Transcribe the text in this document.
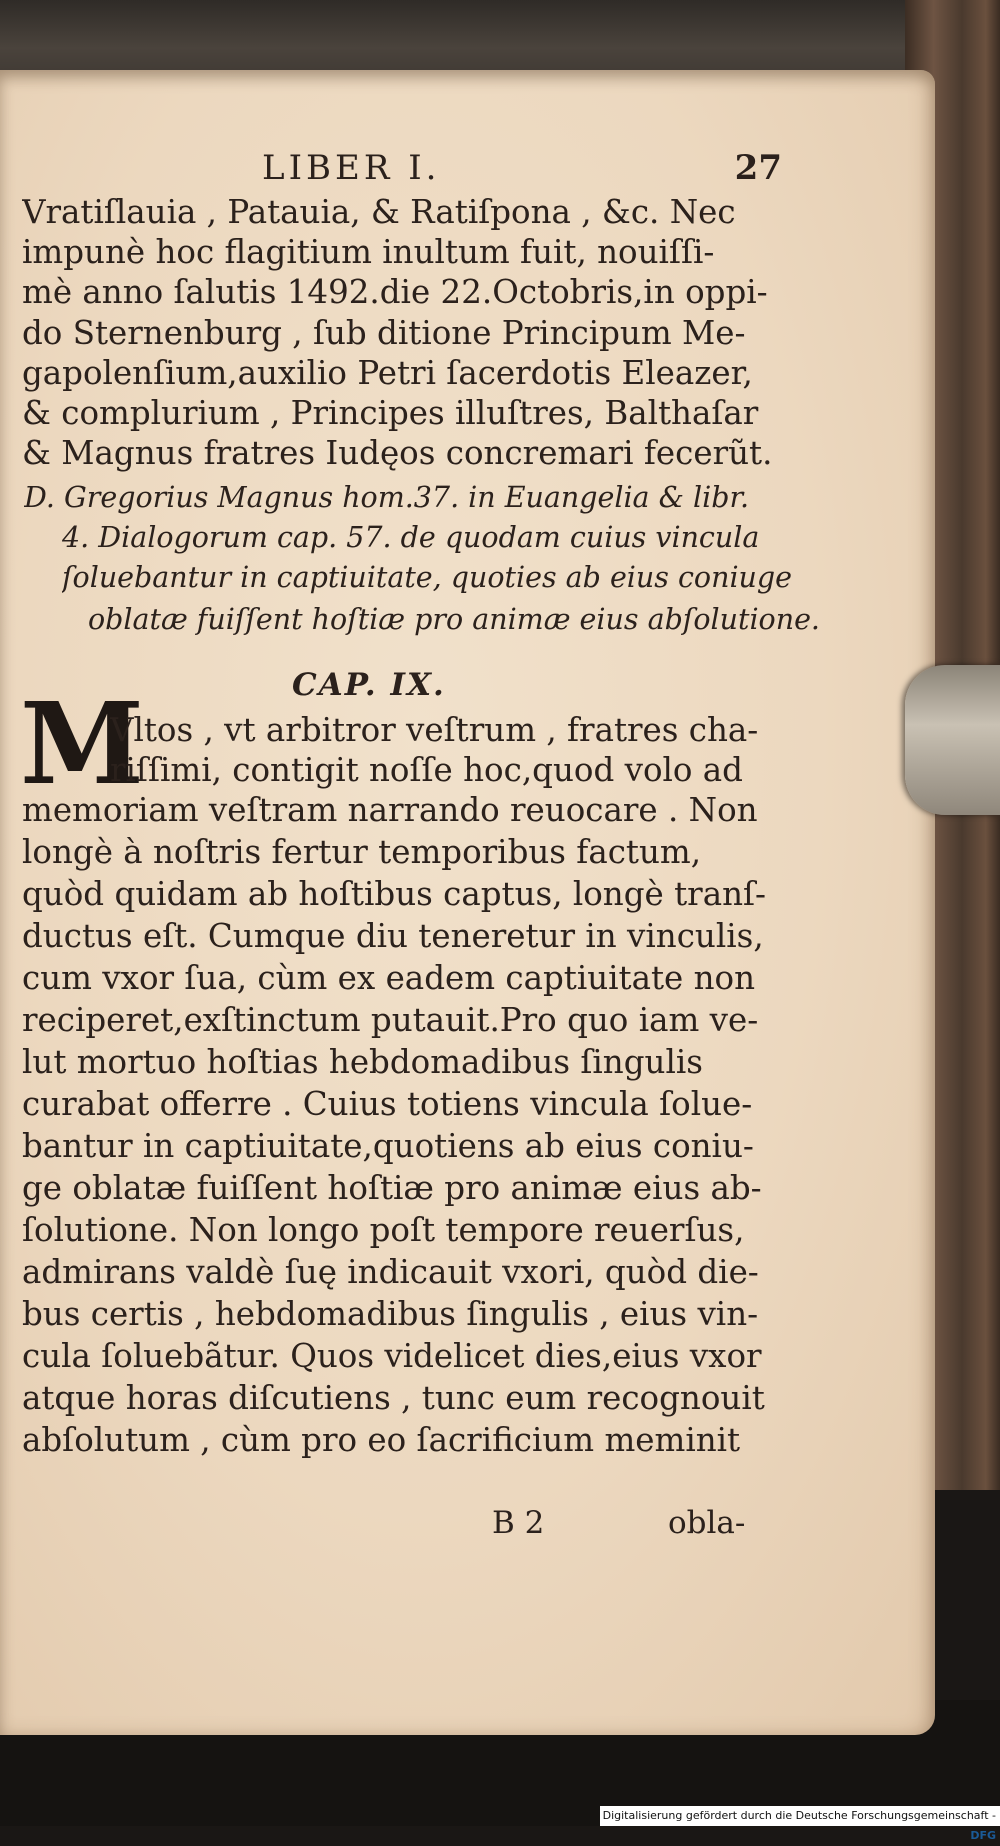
LIBER I.	27
Vratiſlauia , Patauia, & Ratiſpona , &c. Nec
impunè hoc flagitium inultum fuit, nouiſſi-
mè anno ſalutis 1492.die 22.Octobris,in oppi-
do Sternenburg , ſub ditione Principum Me-
gapolenſium,auxilio Petri ſacerdotis Eleazer,
& complurium , Principes illuſtres, Balthaſar
& Magnus fratres Iudęos concremari fecerũt.
D. Gregorius Magnus hom.37. in Euangelia & libr.
4. Dialogorum cap. 57. de quodam cuius vincula
ſoluebantur in captiuitate, quoties ab eius coniuge
oblatæ fuiſſent hoſtiæ pro animæ eius abſolutione.
CAP. IX.
M
Vltos , vt arbitror veſtrum , fratres cha-
riſſimi, contigit noſſe hoc,quod volo ad
memoriam veſtram narrando reuocare . Non
longè à noſtris fertur temporibus factum,
quòd quidam ab hoſtibus captus, longè tranſ-
ductus eſt. Cumque diu teneretur in vinculis,
cum vxor ſua, cùm ex eadem captiuitate non
reciperet,exſtinctum putauit.Pro quo iam ve-
lut mortuo hoſtias hebdomadibus ſingulis
curabat offerre . Cuius totiens vincula ſolue-
bantur in captiuitate,quotiens ab eius coniu-
ge oblatæ fuiſſent hoſtiæ pro animæ eius ab-
ſolutione. Non longo poſt tempore reuerſus,
admirans valdè ſuę indicauit vxori, quòd die-
bus certis , hebdomadibus ſingulis , eius vin-
cula ſoluebãtur. Quos videlicet dies,eius vxor
atque horas diſcutiens , tunc eum recognouit
abſolutum , cùm pro eo ſacrificium meminit
B 2	obla-
Digitalisierung gefördert durch die Deutsche Forschungsgemeinschaft - DFG
